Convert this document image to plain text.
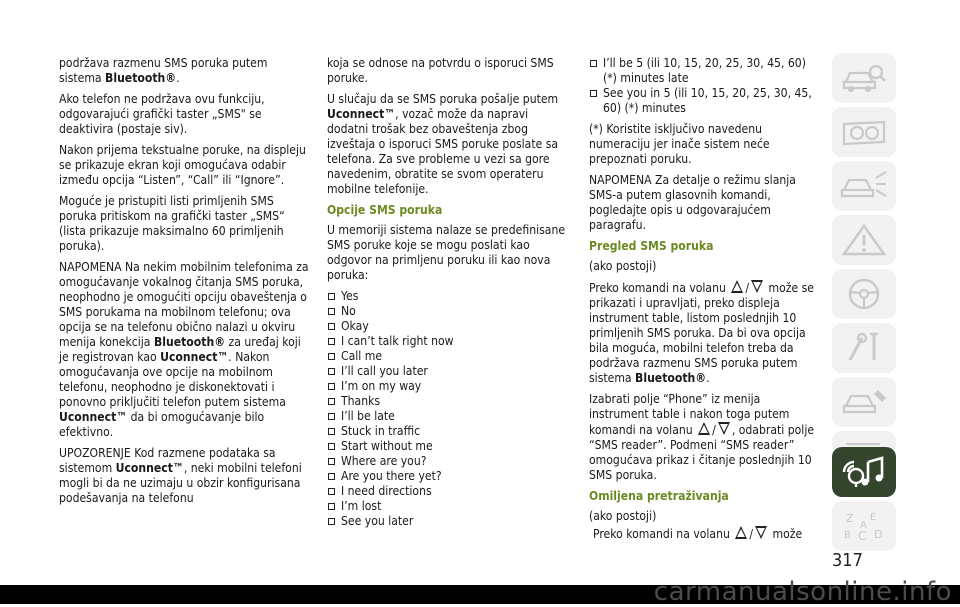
podržava razmenu SMS poruka putem sistema Bluetooth®.

Ako telefon ne podržava ovu funkciju, odgovarajući grafički taster „SMS" se deaktivira (postaje siv).

Nakon prijema tekstualne poruke, na displeju se prikazuje ekran koji omogućava odabir između opcija “Listen”, “Call” ili “Ignore”.

Moguće je pristupiti listi primljenih SMS poruka pritiskom na grafički taster „SMS“ (lista prikazuje maksimalno 60 primljenih poruka).

NAPOMENA Na nekim mobilnim telefonima za omogućavanje vokalnog čitanja SMS poruka, neophodno je omogućiti opciju obaveštenja o SMS porukama na mobilnom telefonu; ova opcija se na telefonu obično nalazi u okviru menija konekcija Bluetooth® za uređaj koji je registrovan kao Uconnect™. Nakon omogućavanja ove opcije na mobilnom telefonu, neophodno je diskonektovati i ponovno priključiti telefon putem sistema Uconnect™ da bi omogućavanje bilo efektivno.

UPOZORENJE Kod razmene podataka sa sistemom Uconnect™, neki mobilni telefoni mogli bi da ne uzimaju u obzir konfigurisana podešavanja na telefonu

koja se odnose na potvrdu o isporuci SMS poruke.

U slučaju da se SMS poruka pošalje putem Uconnect™, vozač može da napravi dodatni trošak bez obaveštenja zbog izveštaja o isporuci SMS poruke poslate sa telefona. Za sve probleme u vezi sa gore navedenim, obratite se svom operateru mobilne telefonije.

Opcije SMS poruka

U memoriji sistema nalaze se predefinisane SMS poruke koje se mogu poslati kao odgovor na primljenu poruku ili kao nova poruka:

Yes
No
Okay
I can’t talk right now
Call me
I’ll call you later
I’m on my way
Thanks
I’ll be late
Stuck in traffic
Start without me
Where are you?
Are you there yet?
I need directions
I’m lost
See you later
I’ll be 5 (ili 10, 15, 20, 25, 30, 45, 60) (*) minutes late
See you in 5 (ili 10, 15, 20, 25, 30, 45, 60) (*) minutes

(*) Koristite isključivo navedenu numeraciju jer inače sistem neće prepoznati poruku.

NAPOMENA Za detalje o režimu slanja SMS-a putem glasovnih komandi, pogledajte opis u odgovarajućem paragrafu.

Pregled SMS poruka

(ako postoji)

Preko komandi na volanu / može se prikazati i upravljati, preko displeja instrument table, listom poslednjih 10 primljenih SMS poruka. Da bi ova opcija bila moguća, mobilni telefon treba da podržava razmenu SMS poruka putem sistema Bluetooth®.

Izabrati polje “Phone” iz menija instrument table i nakon toga putem komandi na volanu / , odabrati polje “SMS reader”. Podmeni “SMS reader” omogućava prikaz i čitanje poslednjih 10 SMS poruka.

Omiljena pretraživanja

(ako postoji)

Preko komandi na volanu / može

Z E
B C D
A
317
carmanualsonline.info
